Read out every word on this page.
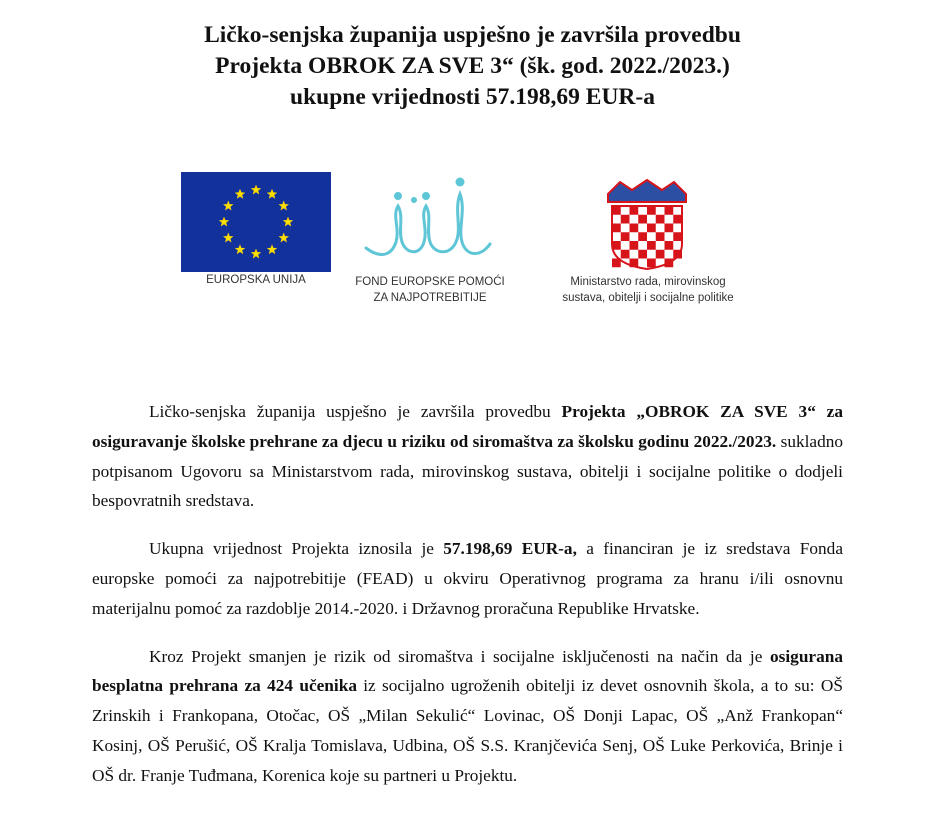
Ličko-senjska županija uspješno je završila provedbu
Projekta OBROK ZA SVE 3“ (šk. god. 2022./2023.)
ukupne vrijednosti 57.198,69 EUR-a
EUROPSKA UNIJA	FOND EUROPSKE POMOĆI
ZA NAJPOTREBITIJE
Ministarstvo rada, mirovinskog
sustava, obitelji i socijalne politike

Ličko-senjska županija uspješno je završila provedbu Projekta „OBROK ZA SVE 3“ za osiguravanje školske prehrane za djecu u riziku od siromaštva za školsku godinu 2022./2023. sukladno potpisanom Ugovoru sa Ministarstvom rada, mirovinskog sustava, obitelji i socijalne politike o dodjeli bespovratnih sredstava.

Ukupna vrijednost Projekta iznosila je 57.198,69 EUR-a, a financiran je iz sredstava Fonda europske pomoći za najpotrebitije (FEAD) u okviru Operativnog programa za hranu i/ili osnovnu materijalnu pomoć za razdoblje 2014.-2020. i Državnog proračuna Republike Hrvatske.

Kroz Projekt smanjen je rizik od siromaštva i socijalne isključenosti na način da je osigurana besplatna prehrana za 424 učenika iz socijalno ugroženih obitelji iz devet osnovnih škola, a to su: OŠ Zrinskih i Frankopana, Otočac, OŠ „Milan Sekulić“ Lovinac, OŠ Donji Lapac, OŠ „Anž Frankopan“ Kosinj, OŠ Perušić, OŠ Kralja Tomislava, Udbina, OŠ S.S. Kranjčevića Senj, OŠ Luke Perkovića, Brinje i OŠ dr. Franje Tuđmana, Korenica koje su partneri u Projektu.
